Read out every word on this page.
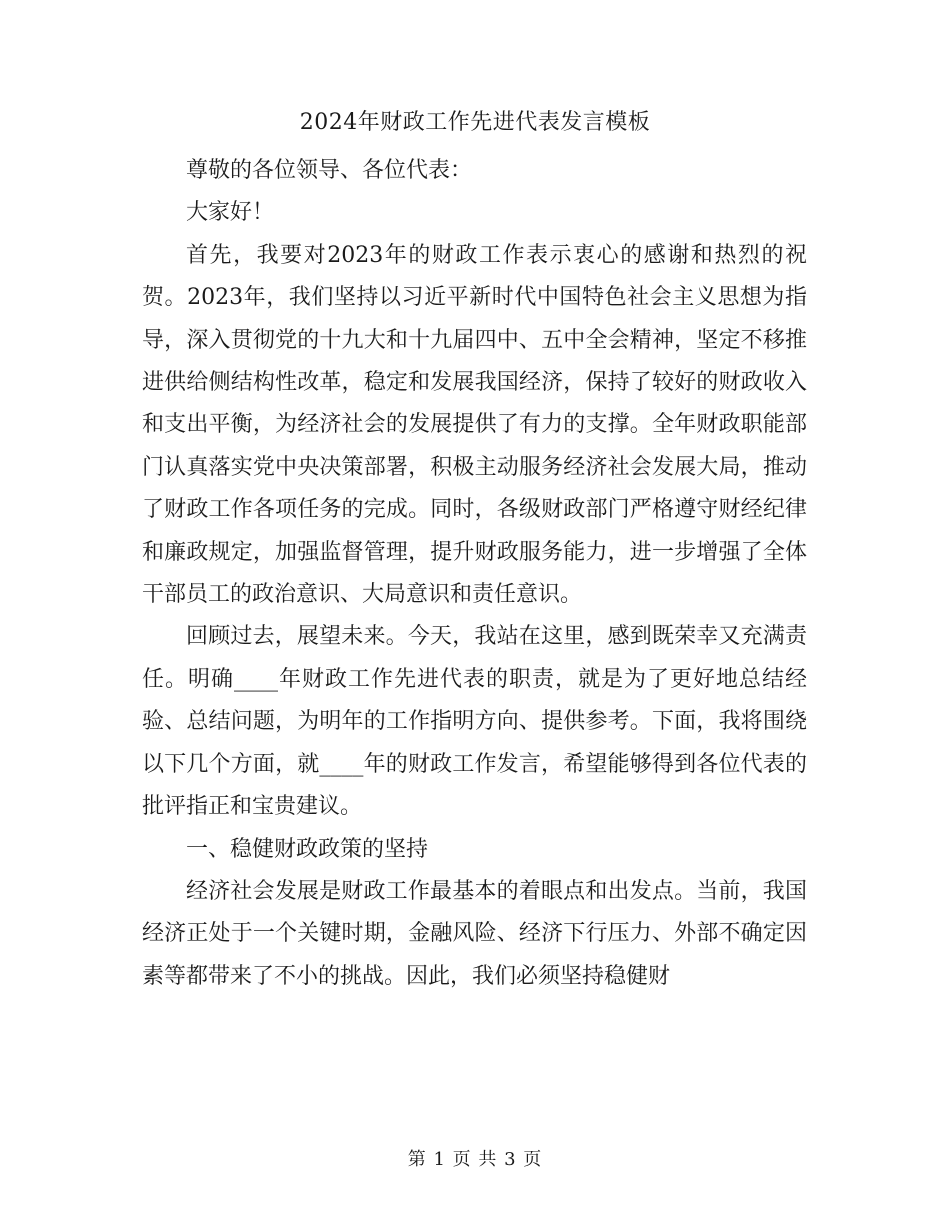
2024年财政工作先进代表发言模板

尊敬的各位领导、各位代表：

大家好！

首先，我要对2023年的财政工作表示衷心的感谢和热烈的祝贺。2023年，我们坚持以习近平新时代中国特色社会主义思想为指导，深入贯彻党的十九大和十九届四中、五中全会精神，坚定不移推进供给侧结构性改革，稳定和发展我国经济，保持了较好的财政收入和支出平衡，为经济社会的发展提供了有力的支撑。全年财政职能部门认真落实党中央决策部署，积极主动服务经济社会发展大局，推动了财政工作各项任务的完成。同时，各级财政部门严格遵守财经纪律和廉政规定，加强监督管理，提升财政服务能力，进一步增强了全体干部员工的政治意识、大局意识和责任意识。

回顾过去，展望未来。今天，我站在这里，感到既荣幸又充满责任。明确____年财政工作先进代表的职责，就是为了更好地总结经验、总结问题，为明年的工作指明方向、提供参考。下面，我将围绕以下几个方面，就____年的财政工作发言，希望能够得到各位代表的批评指正和宝贵建议。

一、稳健财政政策的坚持

经济社会发展是财政工作最基本的着眼点和出发点。当前，我国经济正处于一个关键时期，金融风险、经济下行压力、外部不确定因素等都带来了不小的挑战。因此，我们必须坚持稳健财

第 1 页 共 3 页
